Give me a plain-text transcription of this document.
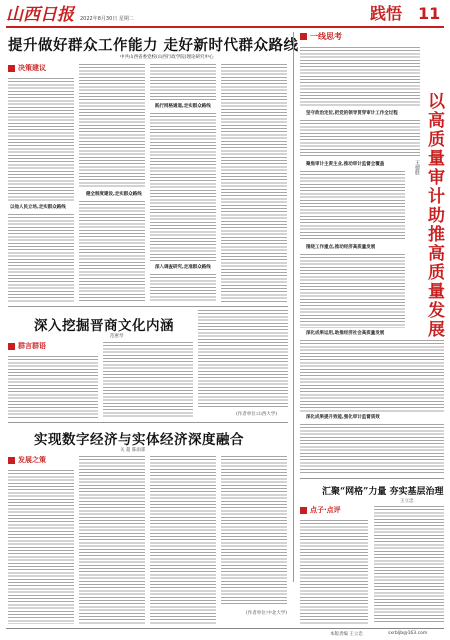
山西日报 2022年8月30日 星期二	践悟 11
提升做好群众工作能力 走好新时代群众路线
中共山西省委党校(山西行政学院)理论研究中心
决策建议
以他人民立场,走实群众路线
健全制度建设,走实群众路线
践行网格通道,走实群众路线
深入调查研究,走准群众路线
一线思考
坚守政治定位,把党的领导贯穿审计工作全过程 以高质量审计助推高质量发展
王德胜
聚焦审计主责主业,推动审计监督全覆盖
围绕工作重点,推动经济高质量发展
深化成果运用,助推经济社会高质量发展
深化成果提升效能,强化审计监督质效
深入挖掘晋商文化内涵
范惠琴
群言群语
(作者单位:山西大学)
实现数字经济与实体经济深度融合
关 超 陈雨霏
发展之策
(作者单位:中北大学)
汇聚“网格”力量 夯实基层治理
王立忠
点子·点评
本版责编 王立忠	sxrbljb@163.com
